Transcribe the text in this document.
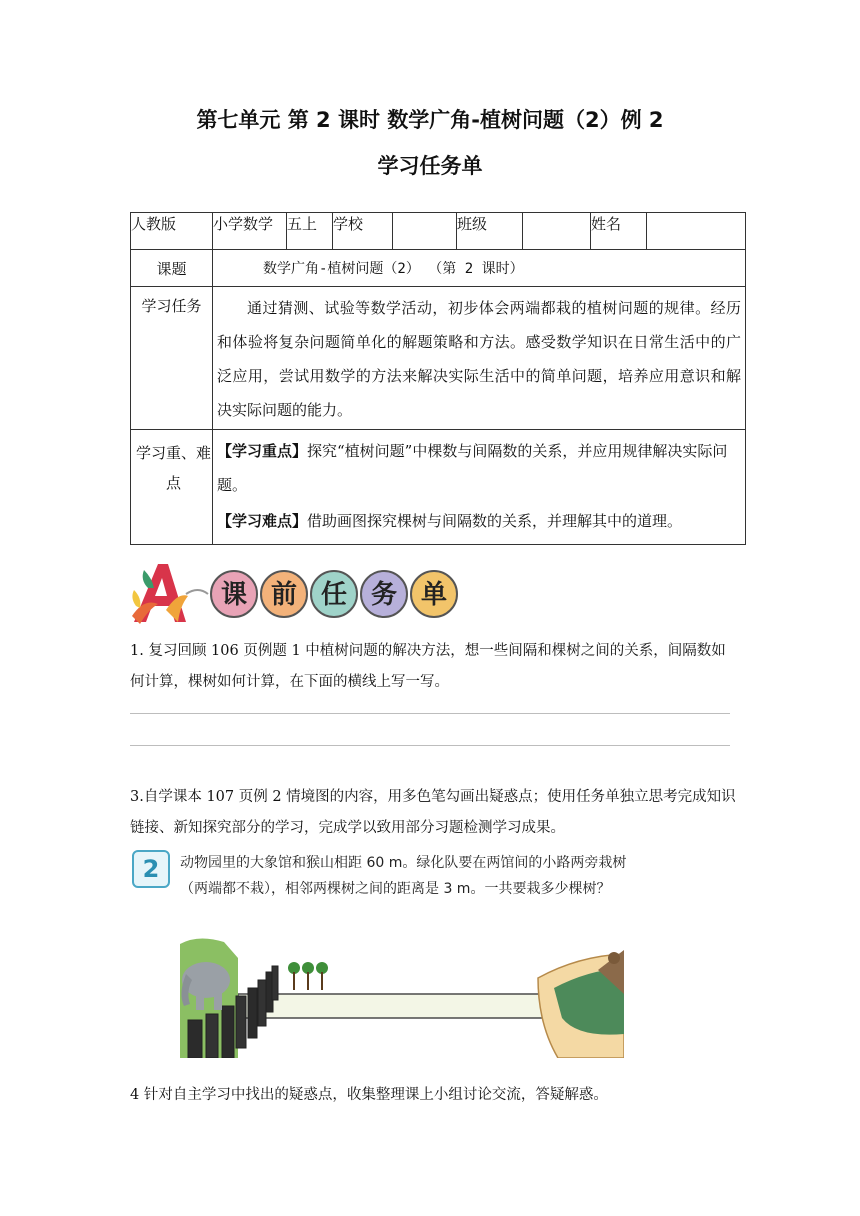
第七单元 第 2 课时 数学广角-植树问题（2）例 2
学习任务单
人教版	小学数学	五上	学校		班级		姓名	
课题	数学广角-植树问题（2） （第 2 课时）							
学习任务	通过猜测、试验等数学活动，初步体会两端都栽的植树问题的规律。经历和体验将复杂问题简单化的解题策略和方法。感受数学知识在日常生活中的广泛应用，尝试用数学的方法来解决实际生活中的简单问题，培养应用意识和解决实际问题的能力。							

学习重、难点	【学习重点】探究“植树问题”中棵数与间隔数的关系，并应用规律解决实际问题。

【学习难点】借助画图探究棵树与间隔数的关系，并理解其中的道理。							

课 前 任 务 单
1. 复习回顾 106 页例题 1 中植树问题的解决方法，想一些间隔和棵树之间的关系，间隔数如何计算，棵树如何计算，在下面的横线上写一写。
3.自学课本 107 页例 2 情境图的内容，用多色笔勾画出疑惑点；使用任务单独立思考完成知识链接、新知探究部分的学习，完成学以致用部分习题检测学习成果。
2	动物园里的大象馆和猴山相距 60 m。绿化队要在两馆间的小路两旁栽树（两端都不栽），相邻两棵树之间的距离是 3 m。一共要栽多少棵树？
4 针对自主学习中找出的疑惑点，收集整理课上小组讨论交流，答疑解惑。
